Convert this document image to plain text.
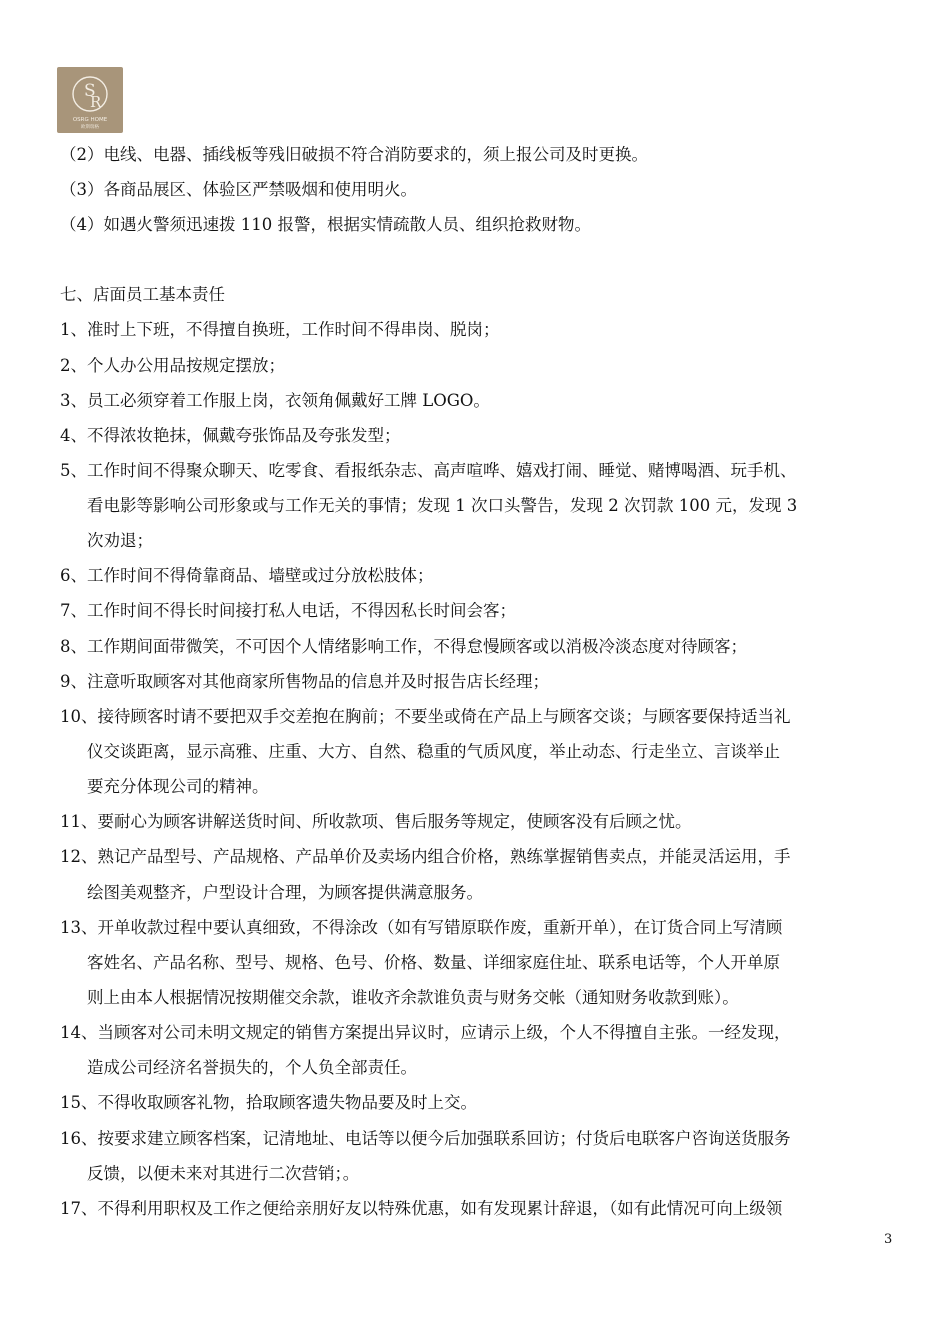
S
R
OSRG HOME
欧斯瑞格
（2）电线、电器、插线板等残旧破损不符合消防要求的，须上报公司及时更换。
（3）各商品展区、体验区严禁吸烟和使用明火。
（4）如遇火警须迅速拨 110 报警，根据实情疏散人员、组织抢救财物。
七、店面员工基本责任
1、准时上下班，不得擅自换班，工作时间不得串岗、脱岗；
2、个人办公用品按规定摆放；
3、员工必须穿着工作服上岗，衣领角佩戴好工牌 LOGO。
4、不得浓妆艳抹，佩戴夸张饰品及夸张发型；
5、工作时间不得聚众聊天、吃零食、看报纸杂志、高声喧哗、嬉戏打闹、睡觉、赌博喝酒、玩手机、
看电影等影响公司形象或与工作无关的事情；发现 1 次口头警告，发现 2 次罚款 100 元，发现 3
次劝退；
6、工作时间不得倚靠商品、墙壁或过分放松肢体；
7、工作时间不得长时间接打私人电话，不得因私长时间会客；
8、工作期间面带微笑，不可因个人情绪影响工作，不得怠慢顾客或以消极冷淡态度对待顾客；
9、注意听取顾客对其他商家所售物品的信息并及时报告店长经理；
10、接待顾客时请不要把双手交差抱在胸前；不要坐或倚在产品上与顾客交谈；与顾客要保持适当礼
仪交谈距离，显示高雅、庄重、大方、自然、稳重的气质风度，举止动态、行走坐立、言谈举止
要充分体现公司的精神。
11、要耐心为顾客讲解送货时间、所收款项、售后服务等规定，使顾客没有后顾之忧。
12、熟记产品型号、产品规格、产品单价及卖场内组合价格，熟练掌握销售卖点，并能灵活运用，手
绘图美观整齐，户型设计合理，为顾客提供满意服务。
13、开单收款过程中要认真细致，不得涂改（如有写错原联作废，重新开单），在订货合同上写清顾
客姓名、产品名称、型号、规格、色号、价格、数量、详细家庭住址、联系电话等，个人开单原
则上由本人根据情况按期催交余款，谁收齐余款谁负责与财务交帐（通知财务收款到账）。
14、当顾客对公司未明文规定的销售方案提出异议时，应请示上级，个人不得擅自主张。一经发现，
造成公司经济名誉损失的，个人负全部责任。
15、不得收取顾客礼物，拾取顾客遗失物品要及时上交。
16、按要求建立顾客档案，记清地址、电话等以便今后加强联系回访；付货后电联客户咨询送货服务
反馈，以便未来对其进行二次营销；。
17、不得利用职权及工作之便给亲朋好友以特殊优惠，如有发现累计辞退，（如有此情况可向上级领
3
